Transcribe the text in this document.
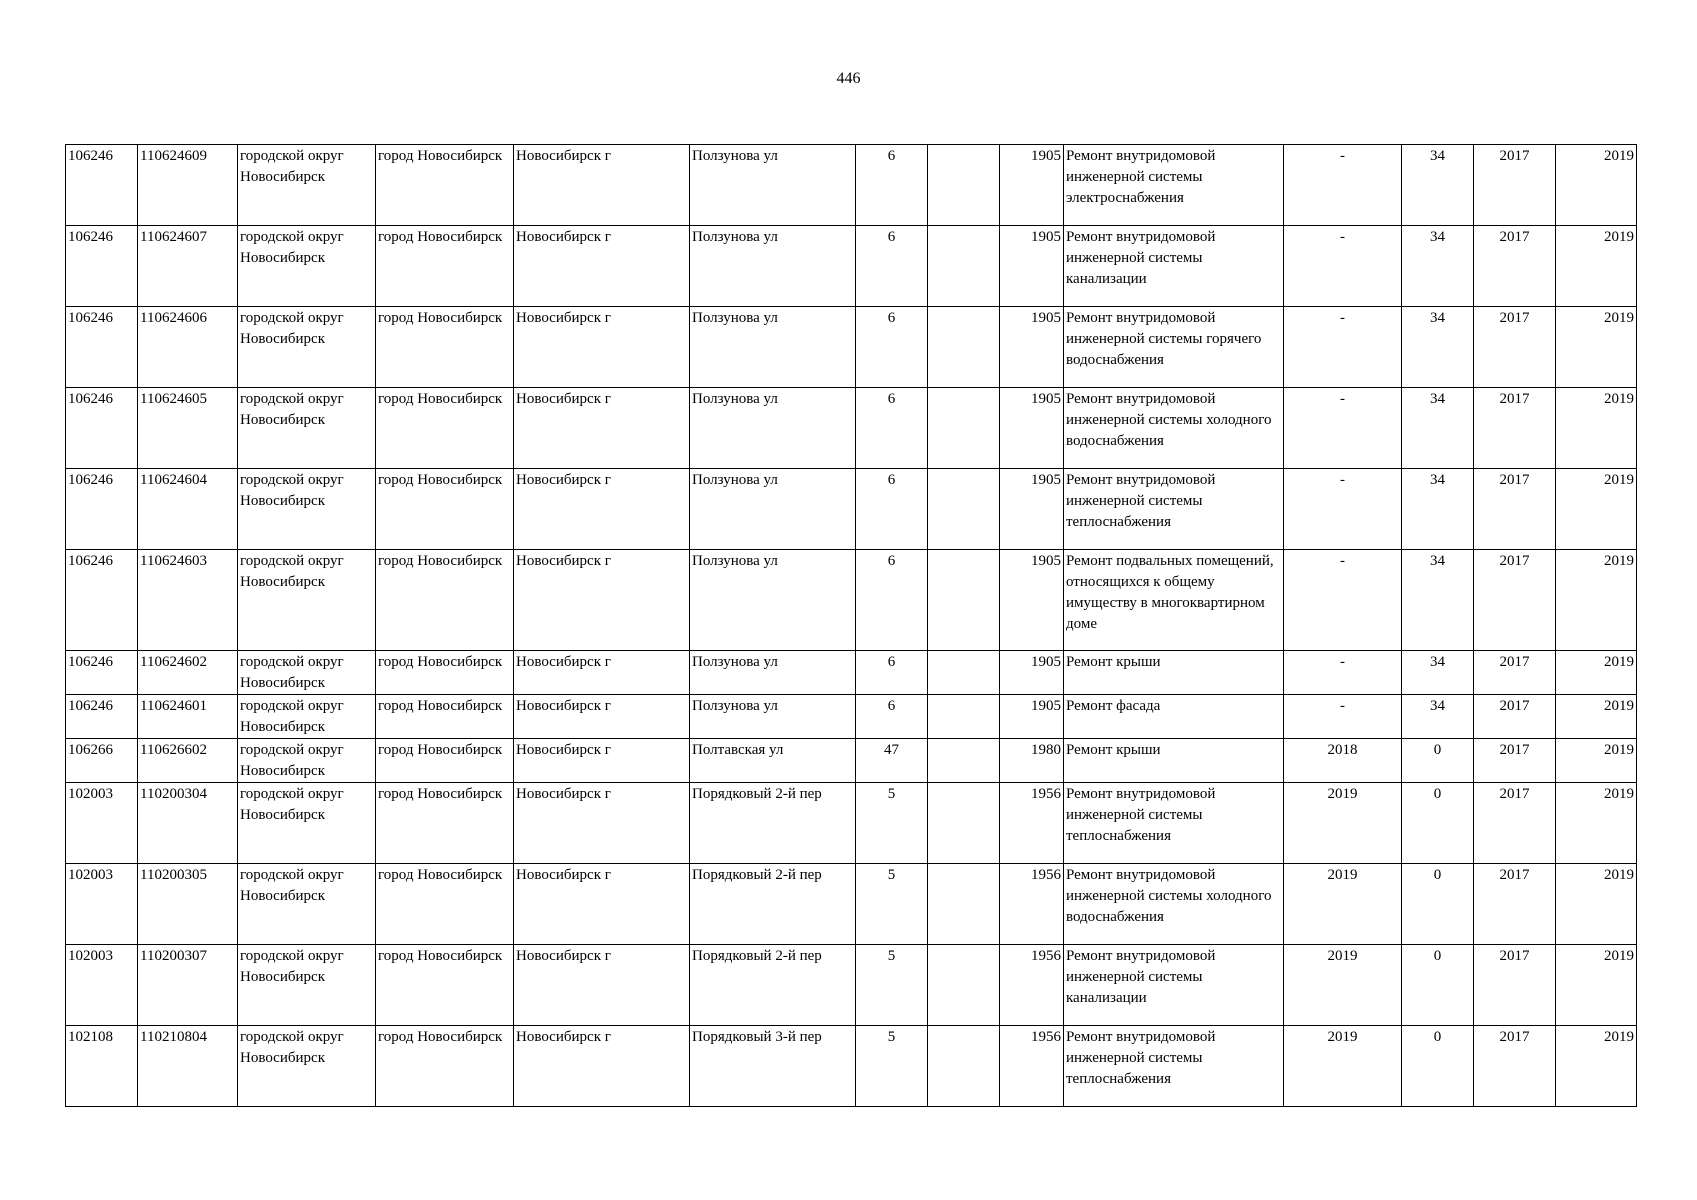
446
106246	110624609	городской округ Новосибирск	город Новосибирск	Новосибирск г	Ползунова ул	6		1905	Ремонт внутридомовой инженерной системы электроснабжения	-	34	2017	2019
106246	110624607	городской округ Новосибирск	город Новосибирск	Новосибирск г	Ползунова ул	6		1905	Ремонт внутридомовой инженерной системы канализации	-	34	2017	2019
106246	110624606	городской округ Новосибирск	город Новосибирск	Новосибирск г	Ползунова ул	6		1905	Ремонт внутридомовой инженерной системы горячего водоснабжения	-	34	2017	2019
106246	110624605	городской округ Новосибирск	город Новосибирск	Новосибирск г	Ползунова ул	6		1905	Ремонт внутридомовой инженерной системы холодного водоснабжения	-	34	2017	2019
106246	110624604	городской округ Новосибирск	город Новосибирск	Новосибирск г	Ползунова ул	6		1905	Ремонт внутридомовой инженерной системы теплоснабжения	-	34	2017	2019
106246	110624603	городской округ Новосибирск	город Новосибирск	Новосибирск г	Ползунова ул	6		1905	Ремонт подвальных помещений, относящихся к общему имуществу в многоквартирном доме	-	34	2017	2019
106246	110624602	городской округ Новосибирск	город Новосибирск	Новосибирск г	Ползунова ул	6		1905	Ремонт крыши	-	34	2017	2019
106246	110624601	городской округ Новосибирск	город Новосибирск	Новосибирск г	Ползунова ул	6		1905	Ремонт фасада	-	34	2017	2019
106266	110626602	городской округ Новосибирск	город Новосибирск	Новосибирск г	Полтавская ул	47		1980	Ремонт крыши	2018	0	2017	2019
102003	110200304	городской округ Новосибирск	город Новосибирск	Новосибирск г	Порядковый 2-й пер	5		1956	Ремонт внутридомовой инженерной системы теплоснабжения	2019	0	2017	2019
102003	110200305	городской округ Новосибирск	город Новосибирск	Новосибирск г	Порядковый 2-й пер	5		1956	Ремонт внутридомовой инженерной системы холодного водоснабжения	2019	0	2017	2019
102003	110200307	городской округ Новосибирск	город Новосибирск	Новосибирск г	Порядковый 2-й пер	5		1956	Ремонт внутридомовой инженерной системы канализации	2019	0	2017	2019
102108	110210804	городской округ Новосибирск	город Новосибирск	Новосибирск г	Порядковый 3-й пер	5		1956	Ремонт внутридомовой инженерной системы теплоснабжения	2019	0	2017	2019
